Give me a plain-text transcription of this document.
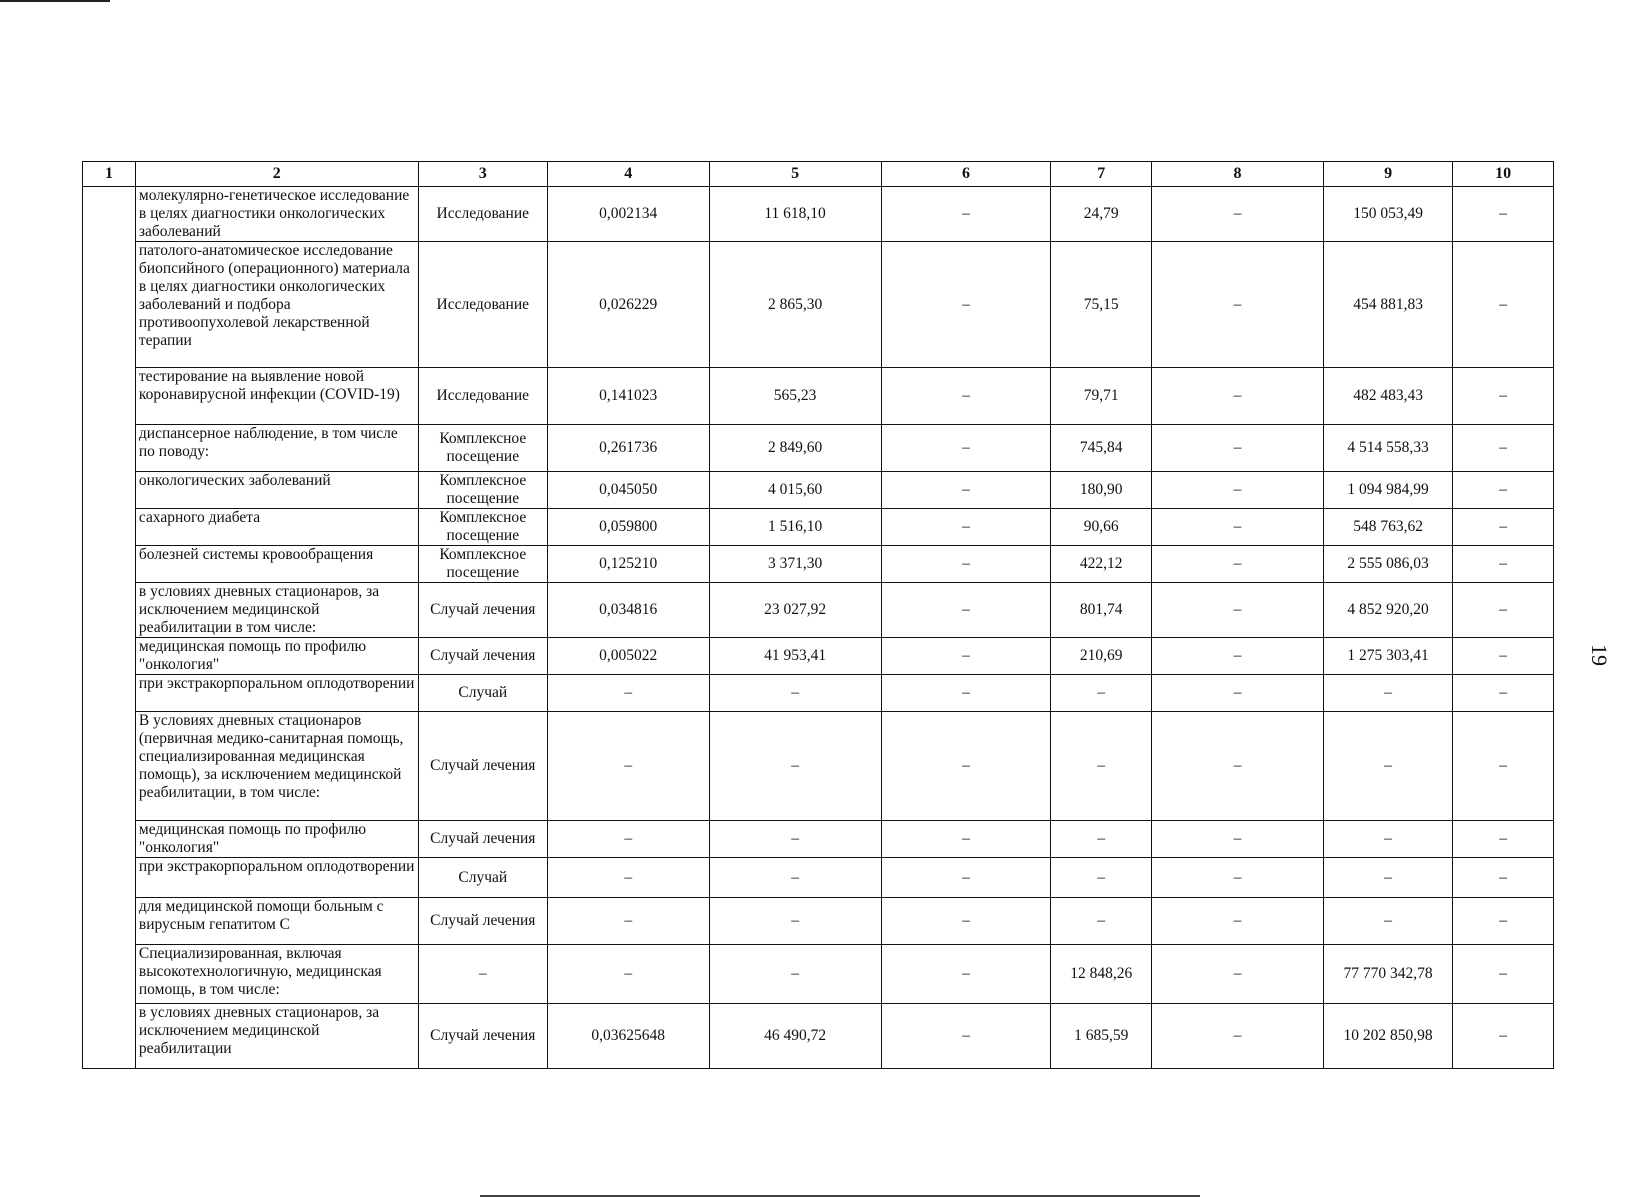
19
1	2	3	4	5	6	7	8	9	10
	молекулярно-генетическое исследование в целях диагностики онкологических заболеваний	Исследование	0,002134	11 618,10	–	24,79	–	150 053,49	–
	патолого-анатомическое исследование биопсийного (операционного) материала в целях диагностики онкологических заболеваний и подбора противоопухолевой лекарственной терапии	Исследование	0,026229	2 865,30	–	75,15	–	454 881,83	–
	тестирование на выявление новой коронавирусной инфекции (COVID-19)	Исследование	0,141023	565,23	–	79,71	–	482 483,43	–
	диспансерное наблюдение, в том числе по поводу:	Комплексное посещение	0,261736	2 849,60	–	745,84	–	4 514 558,33	–
	онкологических заболеваний	Комплексное посещение	0,045050	4 015,60	–	180,90	–	1 094 984,99	–
	сахарного диабета	Комплексное посещение	0,059800	1 516,10	–	90,66	–	548 763,62	–
	болезней системы кровообращения	Комплексное посещение	0,125210	3 371,30	–	422,12	–	2 555 086,03	–
	в условиях дневных стационаров, за исключением медицинской реабилитации в том числе:	Случай лечения	0,034816	23 027,92	–	801,74	–	4 852 920,20	–
	медицинская помощь по профилю "онкология"	Случай лечения	0,005022	41 953,41	–	210,69	–	1 275 303,41	–
	при экстракорпоральном оплодотворении	Случай	–	–	–	–	–	–	–
	В условиях дневных стационаров (первичная медико-санитарная помощь, специализированная медицинская помощь), за исключением медицинской реабилитации, в том числе:	Случай лечения	–	–	–	–	–	–	–
	медицинская помощь по профилю "онкология"	Случай лечения	–	–	–	–	–	–	–
	при экстракорпоральном оплодотворении	Случай	–	–	–	–	–	–	–
	для медицинской помощи больным с вирусным гепатитом С	Случай лечения	–	–	–	–	–	–	–
	Специализированная, включая высокотехнологичную, медицинская помощь, в том числе:	–	–	–	–	12 848,26	–	77 770 342,78	–
	в условиях дневных стационаров, за исключением медицинской реабилитации	Случай лечения	0,03625648	46 490,72	–	1 685,59	–	10 202 850,98	–
